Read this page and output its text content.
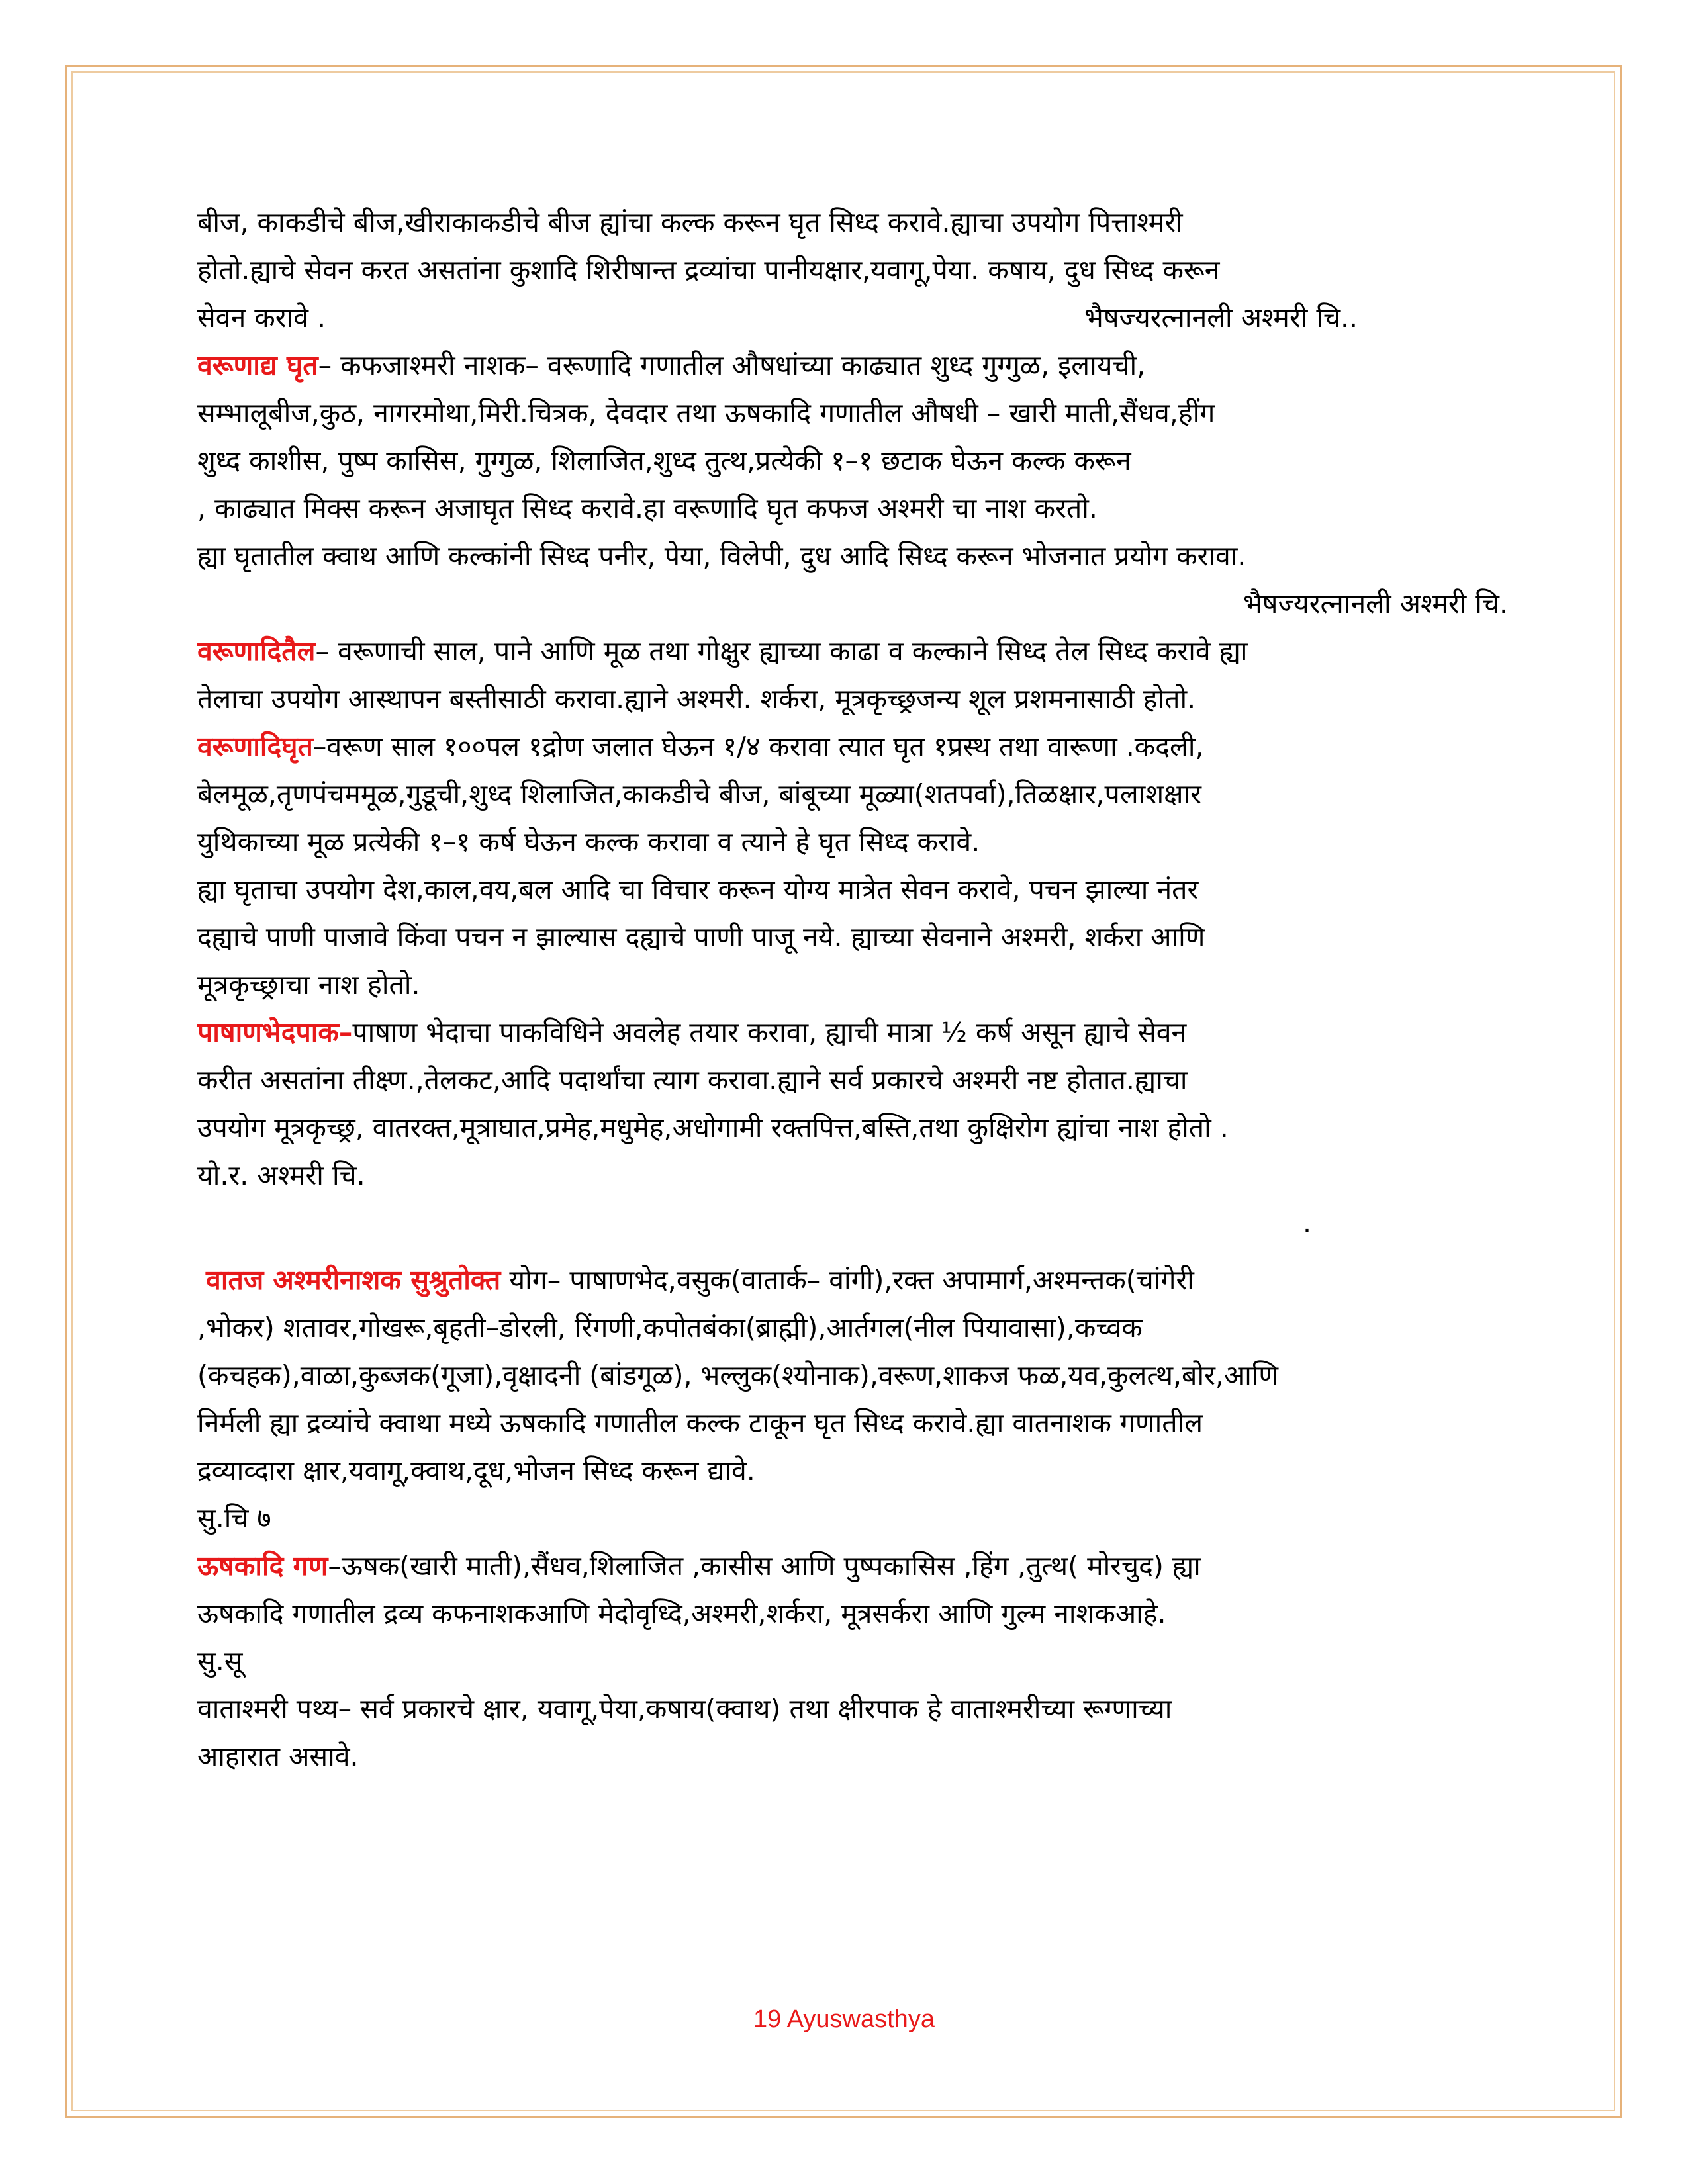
बीज, काकडीचे बीज,खीराकाकडीचे बीज ह्यांचा कल्क करून घृत सिध्द करावे.ह्याचा उपयोग पित्ताश्मरी
होतो.ह्याचे सेवन करत असतांना कुशादि शिरीषान्त द्रव्यांचा पानीयक्षार,यवागू,पेया. कषाय, दुध सिध्द करून
सेवन करावे .	भैषज्यरत्नानली अश्मरी चि..
वरूणाद्य घृत– कफजाश्मरी नाशक– वरूणादि गणातील औषधांच्या काढ्यात शुध्द गुग्गुळ, इलायची,
सम्भालूबीज,कुठ, नागरमोथा,मिरी.चित्रक, देवदार तथा ऊषकादि गणातील औषधी – खारी माती,सैंधव,हींग
शुध्द काशीस, पुष्प कासिस, गुग्गुळ, शिलाजित,शुध्द तुत्थ,प्रत्येकी १–१ छटाक घेऊन कल्क करून
, काढ्यात मिक्स करून अजाघृत सिध्द करावे.हा वरूणादि घृत कफज अश्मरी चा नाश करतो.
ह्या घृतातील क्वाथ आणि कल्कांनी सिध्द पनीर, पेया, विलेपी, दुध आदि सिध्द करून भोजनात प्रयोग करावा.
भैषज्यरत्नानली अश्मरी चि.
वरूणादितैल– वरूणाची साल, पाने आणि मूळ तथा गोक्षुर ह्याच्या काढा व कल्काने सिध्द तेल सिध्द करावे ह्या
तेलाचा उपयोग आस्थापन बस्तीसाठी करावा.ह्याने अश्मरी. शर्करा, मूत्रकृच्छ्रजन्य शूल प्रशमनासाठी होतो.
वरूणादिघृत–वरूण साल १००पल १द्रोण जलात घेऊन १/४ करावा त्यात घृत १प्रस्थ तथा वारूणा .कदली,
बेलमूळ,तृणपंचममूळ,गुडूची,शुध्द शिलाजित,काकडीचे बीज, बांबूच्या मूळ्या(शतपर्वा),तिळक्षार,पलाशक्षार
युथिकाच्या मूळ प्रत्येकी १–१ कर्ष घेऊन कल्क करावा व त्याने हे घृत सिध्द करावे.
ह्या घृताचा उपयोग देश,काल,वय,बल आदि चा विचार करून योग्य मात्रेत सेवन करावे, पचन झाल्या नंतर
दह्याचे पाणी पाजावे किंवा पचन न झाल्यास दह्याचे पाणी पाजू नये. ह्याच्या सेवनाने अश्मरी, शर्करा आणि
मूत्रकृच्छ्राचा नाश होतो.
पाषाणभेदपाक–पाषाण भेदाचा पाकविधिने अवलेह तयार करावा, ह्याची मात्रा ½ कर्ष असून ह्याचे सेवन
करीत असतांना तीक्ष्ण.,तेलकट,आदि पदार्थांचा त्याग करावा.ह्याने सर्व प्रकारचे अश्मरी नष्ट होतात.ह्याचा
उपयोग मूत्रकृच्छ्र, वातरक्त,मूत्राघात,प्रमेह,मधुमेह,अधोगामी रक्तपित्त,बस्ति,तथा कुक्षिरोग ह्यांचा नाश होतो .
यो.र. अश्मरी चि.
.
वातज अश्मरीनाशक सुश्रुतोक्त योग– पाषाणभेद,वसुक(वातार्क– वांगी),रक्त अपामार्ग,अश्मन्तक(चांगेरी
,भोकर) शतावर,गोखरू,बृहती–डोरली, रिंगणी,कपोतबंका(ब्राह्मी),आर्तगल(नील पियावासा),कच्वक
(कचहक),वाळा,कुब्जक(गूजा),वृक्षादनी (बांडगूळ), भल्लुक(श्योनाक),वरूण,शाकज फळ,यव,कुलत्थ,बोर,आणि
निर्मली ह्या द्रव्यांचे क्वाथा मध्ये ऊषकादि गणातील कल्क टाकून घृत सिध्द करावे.ह्या वातनाशक गणातील
द्रव्याव्दारा क्षार,यवागू,क्वाथ,दूध,भोजन सिध्द करून द्यावे.
सु.चि ७
ऊषकादि गण–ऊषक(खारी माती),सैंधव,शिलाजित ,कासीस आणि पुष्पकासिस ,हिंग ,तुत्थ( मोरचुद) ह्या
ऊषकादि गणातील द्रव्य कफनाशकआणि मेदोवृध्दि,अश्मरी,शर्करा, मूत्रसर्करा आणि गुल्म नाशकआहे.
सु.सू
वाताश्मरी पथ्य– सर्व प्रकारचे क्षार, यवागू,पेया,कषाय(क्वाथ) तथा क्षीरपाक हे वाताश्मरीच्या रूग्णाच्या
आहारात असावे.
19 Ayuswasthya
